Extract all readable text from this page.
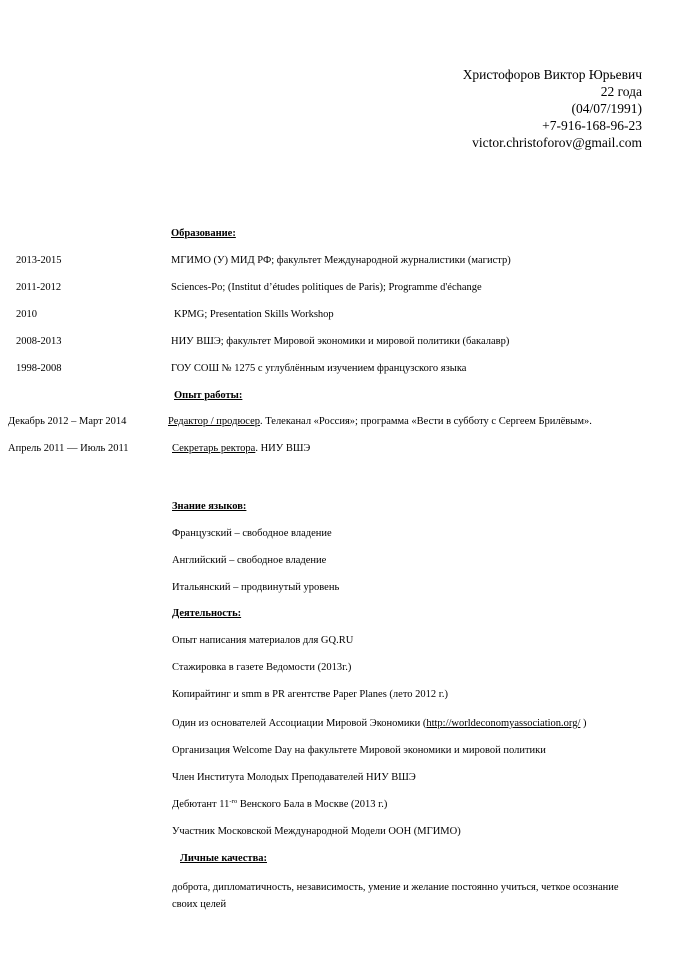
Христофоров Виктор Юрьевич
22 года
(04/07/1991)
+7-916-168-96-23
victor.christoforov@gmail.com
Образование:
2013-2015	МГИМО (У) МИД РФ; факультет Международной журналистики (магистр)
2011-2012	Sciences-Po; (Institut d’études politiques de Paris); Programme d'échange
2010	KPMG; Presentation Skills Workshop
2008-2013	НИУ ВШЭ; факультет Мировой экономики и мировой политики (бакалавр)
1998-2008	ГОУ СОШ № 1275 с углублённым изучением французского языка
Опыт работы:
Декабрь 2012 – Март 2014	Редактор / продюсер. Телеканал «Россия»; программа «Вести в субботу с Сергеем Брилёвым».
Апрель 2011 — Июль 2011	Секретарь ректора. НИУ ВШЭ
Знание языков:
Французский – свободное владение
Английский – свободное владение
Итальянский – продвинутый уровень
Деятельность:
Опыт написания материалов для GQ.RU
Стажировка в газете Ведомости (2013г.)
Копирайтинг и smm в PR агентстве Paper Planes (лето 2012 г.)
Один из основателей Ассоциации Мировой Экономики (http://worldeconomyassociation.org/ )
Организация Welcome Day на факультете Мировой экономики и мировой политики
Член Института Молодых Преподавателей НИУ ВШЭ
Дебютант $11^{-го}$ Венского Бала в Москве (2013 г.)
Участник Московской Международной Модели ООН (МГИМО)
Личные качества:
доброта, дипломатичность, независимость, умение и желание постоянно учиться, четкое осознание своих целей
